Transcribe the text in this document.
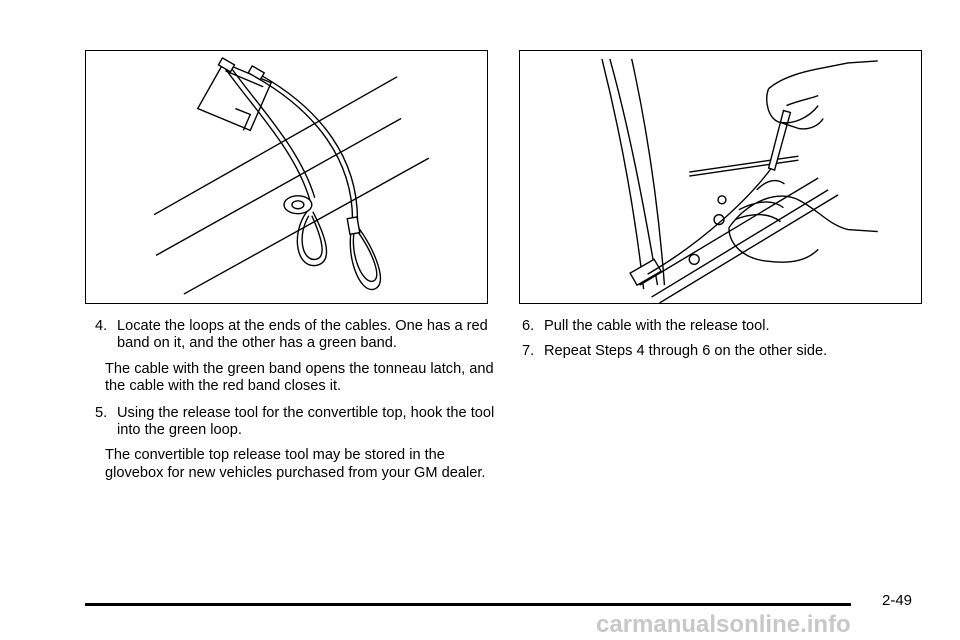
4. Locate the loops at the ends of the cables. One has a red band on it, and the other has a green band.

The cable with the green band opens the tonneau latch, and the cable with the red band closes it.

5. Using the release tool for the convertible top, hook the tool into the green loop.

The convertible top release tool may be stored in the glovebox for new vehicles purchased from your GM dealer.

6. Pull the cable with the release tool.
7. Repeat Steps 4 through 6 on the other side.
2-49
carmanualsonline.info
